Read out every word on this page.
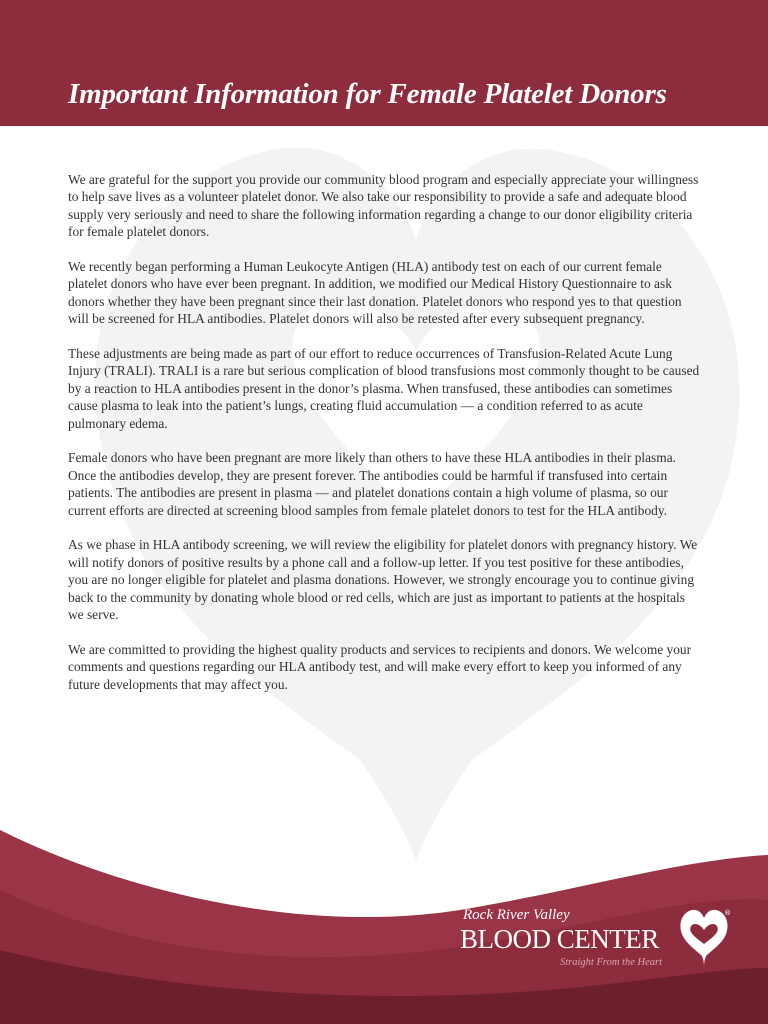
Important Information for Female Platelet Donors

We are grateful for the support you provide our community blood program and especially appreciate your willingness to help save lives as a volunteer platelet donor. We also take our responsibility to provide a safe and adequate blood supply very seriously and need to share the following information regarding a change to our donor eligibility criteria for female platelet donors.

We recently began performing a Human Leukocyte Antigen (HLA) antibody test on each of our current female platelet donors who have ever been pregnant. In addition, we modified our Medical History Questionnaire to ask donors whether they have been pregnant since their last donation. Platelet donors who respond yes to that question will be screened for HLA antibodies. Platelet donors will also be retested after every subsequent pregnancy.

These adjustments are being made as part of our effort to reduce occurrences of Transfusion-Related Acute Lung Injury (TRALI). TRALI is a rare but serious complication of blood transfusions most commonly thought to be caused by a reaction to HLA antibodies present in the donor’s plasma. When transfused, these antibodies can sometimes cause plasma to leak into the patient’s lungs, creating fluid accumulation — a condition referred to as acute pulmonary edema.

Female donors who have been pregnant are more likely than others to have these HLA antibodies in their plasma. Once the antibodies develop, they are present forever. The antibodies could be harmful if transfused into certain patients. The antibodies are present in plasma — and platelet donations contain a high volume of plasma, so our current efforts are directed at screening blood samples from female platelet donors to test for the HLA antibody.

As we phase in HLA antibody screening, we will review the eligibility for platelet donors with pregnancy history. We will notify donors of positive results by a phone call and a follow-up letter. If you test positive for these antibodies, you are no longer eligible for platelet and plasma donations. However, we strongly encourage you to continue giving back to the community by donating whole blood or red cells, which are just as important to patients at the hospitals we serve.

We are committed to providing the highest quality products and services to recipients and donors. We welcome your comments and questions regarding our HLA antibody test, and will make every effort to keep you informed of any future developments that may affect you.

Rock River Valley
BLOOD CENTER
Straight From the Heart
®
